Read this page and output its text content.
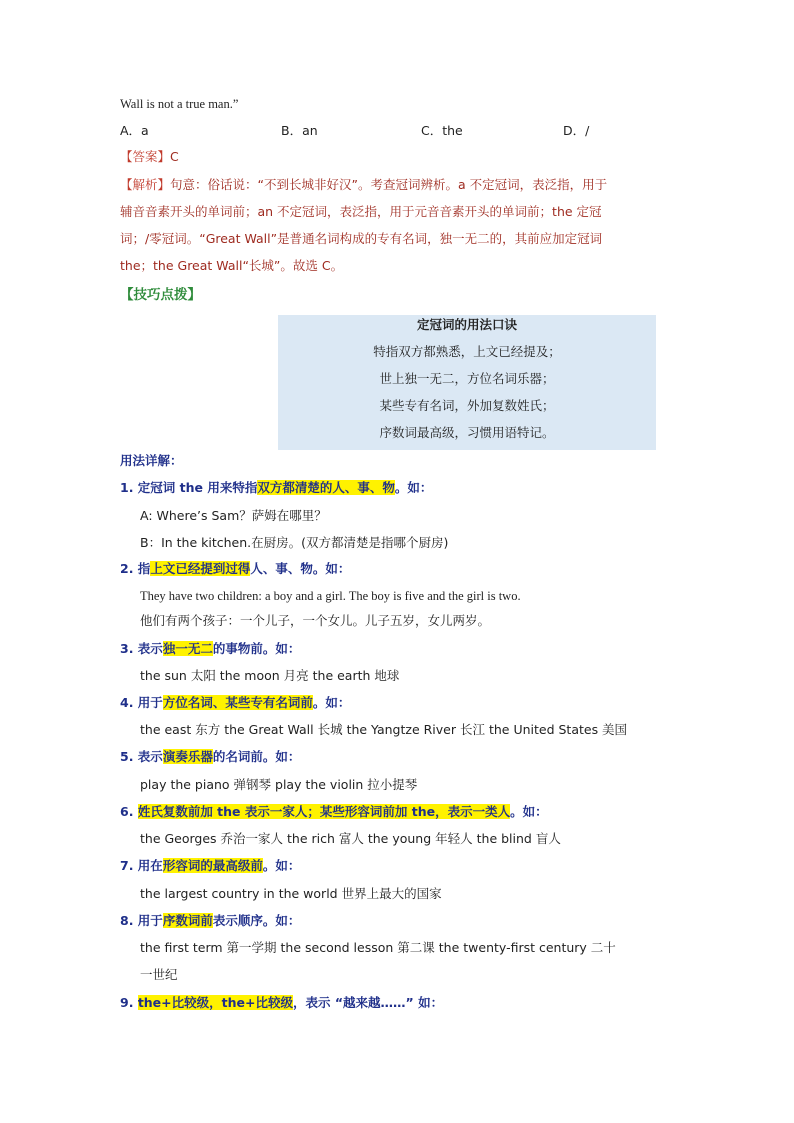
Wall is not a true man.”
A．a	B．an	C．the	D．/
【答案】C
【解析】句意：俗话说：“不到长城非好汉”。考查冠词辨析。a 不定冠词，表泛指，用于
辅音音素开头的单词前；an 不定冠词，表泛指，用于元音音素开头的单词前；the 定冠
词；/零冠词。“Great Wall”是普通名词构成的专有名词，独一无二的，其前应加定冠词
the；the Great Wall“长城”。故选 C。
【技巧点拨】
定冠词的用法口诀
特指双方都熟悉，上文已经提及；
世上独一无二，方位名词乐器；
某些专有名词，外加复数姓氏；
序数词最高级，习惯用语特记。
用法详解：
1. 定冠词 the 用来特指双方都清楚的人、事、物。如：
A: Where’s Sam？萨姆在哪里？
B：In the kitchen.在厨房。(双方都清楚是指哪个厨房)
2. 指上文已经提到过得人、事、物。如：
They have two children: a boy and a girl. The boy is five and the girl is two.
他们有两个孩子：一个儿子，一个女儿。儿子五岁，女儿两岁。
3. 表示独一无二的事物前。如：
the sun 太阳 the moon 月亮 the earth 地球
4. 用于方位名词、某些专有名词前。如：
the east 东方 the Great Wall 长城 the Yangtze River 长江 the United States 美国
5. 表示演奏乐器的名词前。如：
play the piano 弹钢琴 play the violin 拉小提琴
6. 姓氏复数前加 the 表示一家人；某些形容词前加 the，表示一类人。如：
the Georges 乔治一家人 the rich 富人 the young 年轻人 the blind 盲人
7. 用在形容词的最高级前。如：
the largest country in the world 世界上最大的国家
8. 用于序数词前表示顺序。如：
the first term 第一学期 the second lesson 第二课 the twenty-first century 二十
一世纪
9. the+比较级，the+比较级，表示 “越来越……” 如：
